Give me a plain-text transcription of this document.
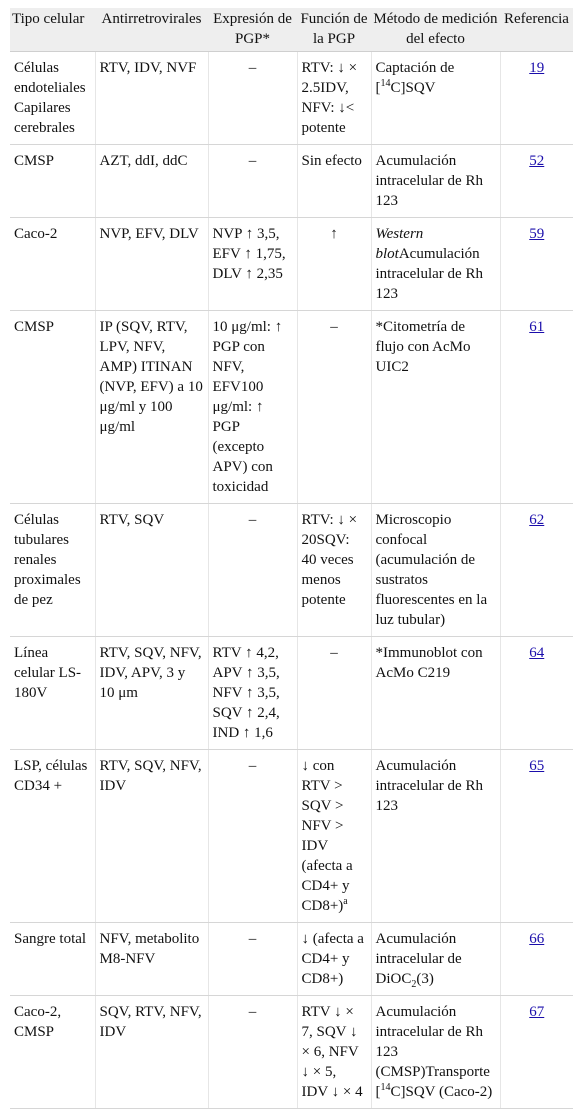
Tipo celular	Antirretrovirales	Expresión de PGP*	Función de la PGP	Método de medición del efecto	Referencia
Células endoteliales Capilares cerebrales	RTV, IDV, NVF	–	RTV: ↓ × 2.5IDV, NFV: ↓< potente	Captación de [$^{14}$C]SQV	19
CMSP	AZT, ddI, ddC	–	Sin efecto	Acumulación intracelular de Rh 123	52
Caco-2	NVP, EFV, DLV	NVP ↑ 3,5, EFV ↑ 1,75, DLV ↑ 2,35	↑	Western blotAcumulación intracelular de Rh 123	59
CMSP	IP (SQV, RTV, LPV, NFV, AMP) ITINAN (NVP, EFV) a 10 μg/ml y 100 μg/ml	10 μg/ml: ↑ PGP con NFV, EFV100 μg/ml: ↑ PGP (excepto APV) con toxicidad	–	*Citometría de flujo con AcMo UIC2	61
Células tubulares renales proximales de pez	RTV, SQV	–	RTV: ↓ × 20SQV: 40 veces menos potente	Microscopio confocal (acumulación de sustratos fluorescentes en la luz tubular)	62
Línea celular LS-180V	RTV, SQV, NFV, IDV, APV, 3 y 10 μm	RTV ↑ 4,2, APV ↑ 3,5, NFV ↑ 3,5, SQV ↑ 2,4, IND ↑ 1,6	–	*Immunoblot con AcMo C219	64
LSP, células CD34 +	RTV, SQV, NFV, IDV	–	↓ con RTV > SQV > NFV > IDV (afecta a CD4+ y CD8+)$^a$	Acumulación intracelular de Rh 123	65
Sangre total	NFV, metabolito M8-NFV	–	↓ (afecta a CD4+ y CD8+)	Acumulación intracelular de DiOC$_2$(3)	66
Caco-2, CMSP	SQV, RTV, NFV, IDV	–	RTV ↓ × 7, SQV ↓ × 6, NFV ↓ × 5, IDV ↓ × 4	Acumulación intracelular de Rh 123 (CMSP)Transporte [$^{14}$C]SQV (Caco-2)	67
